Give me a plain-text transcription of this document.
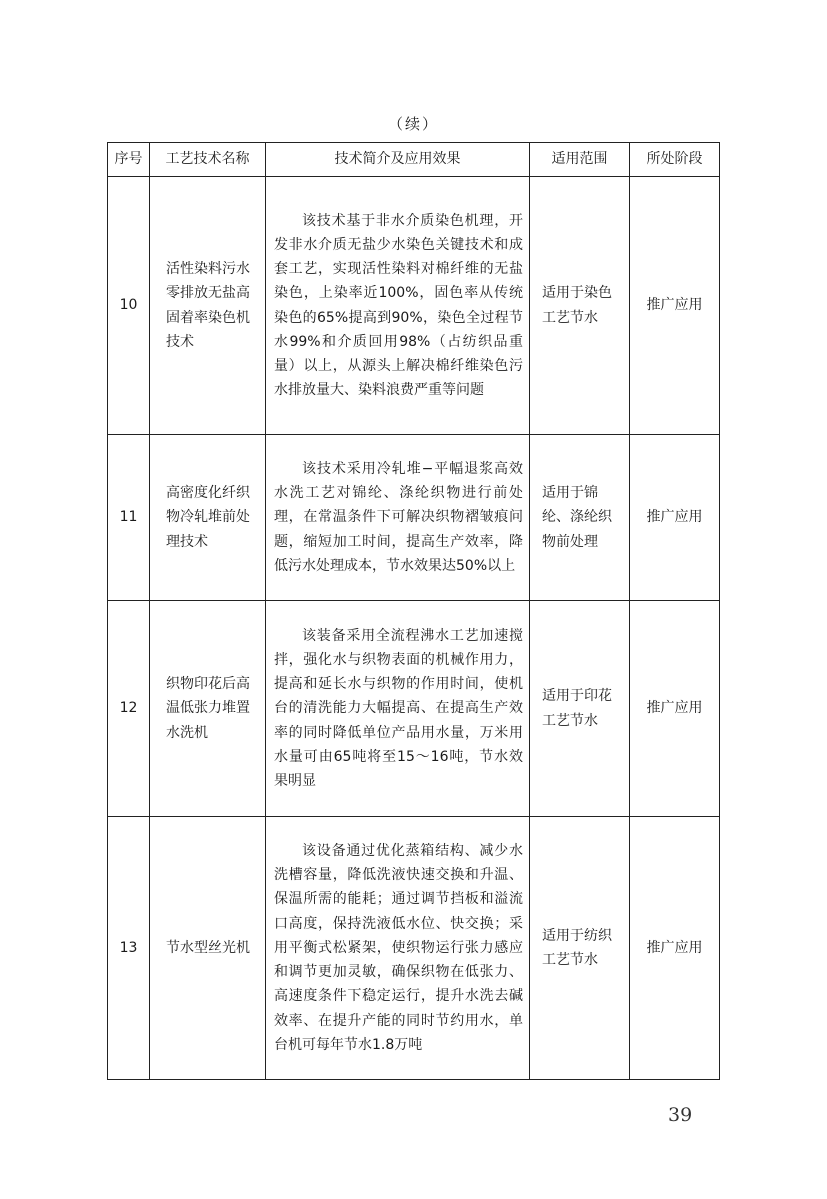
（续）
序号	工艺技术名称	技术简介及应用效果	适用范围	所处阶段
10	活性染料污水零排放无盐高固着率染色机技术	该技术基于非水介质染色机理，开发非水介质无盐少水染色关键技术和成套工艺，实现活性染料对棉纤维的无盐染色，上染率近100%，固色率从传统染色的65%提高到90%，染色全过程节水99%和介质回用98%（占纺织品重量）以上，从源头上解决棉纤维染色污水排放量大、染料浪费严重等问题	适用于染色工艺节水	推广应用
11	高密度化纤织物冷轧堆前处理技术	该技术采用冷轧堆−平幅退浆高效水洗工艺对锦纶、涤纶织物进行前处理，在常温条件下可解决织物褶皱痕问题，缩短加工时间，提高生产效率，降低污水处理成本，节水效果达50%以上	适用于锦纶、涤纶织物前处理	推广应用
12	织物印花后高温低张力堆置水洗机	该装备采用全流程沸水工艺加速搅拌，强化水与织物表面的机械作用力，提高和延长水与织物的作用时间，使机台的清洗能力大幅提高、在提高生产效率的同时降低单位产品用水量，万米用水量可由65吨将至15～16吨，节水效果明显	适用于印花工艺节水	推广应用
13	节水型丝光机	该设备通过优化蒸箱结构、减少水洗槽容量，降低洗液快速交换和升温、保温所需的能耗；通过调节挡板和溢流口高度，保持洗液低水位、快交换；采用平衡式松紧架，使织物运行张力感应和调节更加灵敏，确保织物在低张力、高速度条件下稳定运行，提升水洗去碱效率、在提升产能的同时节约用水，单台机可每年节水1.8万吨	适用于纺织工艺节水	推广应用
39
